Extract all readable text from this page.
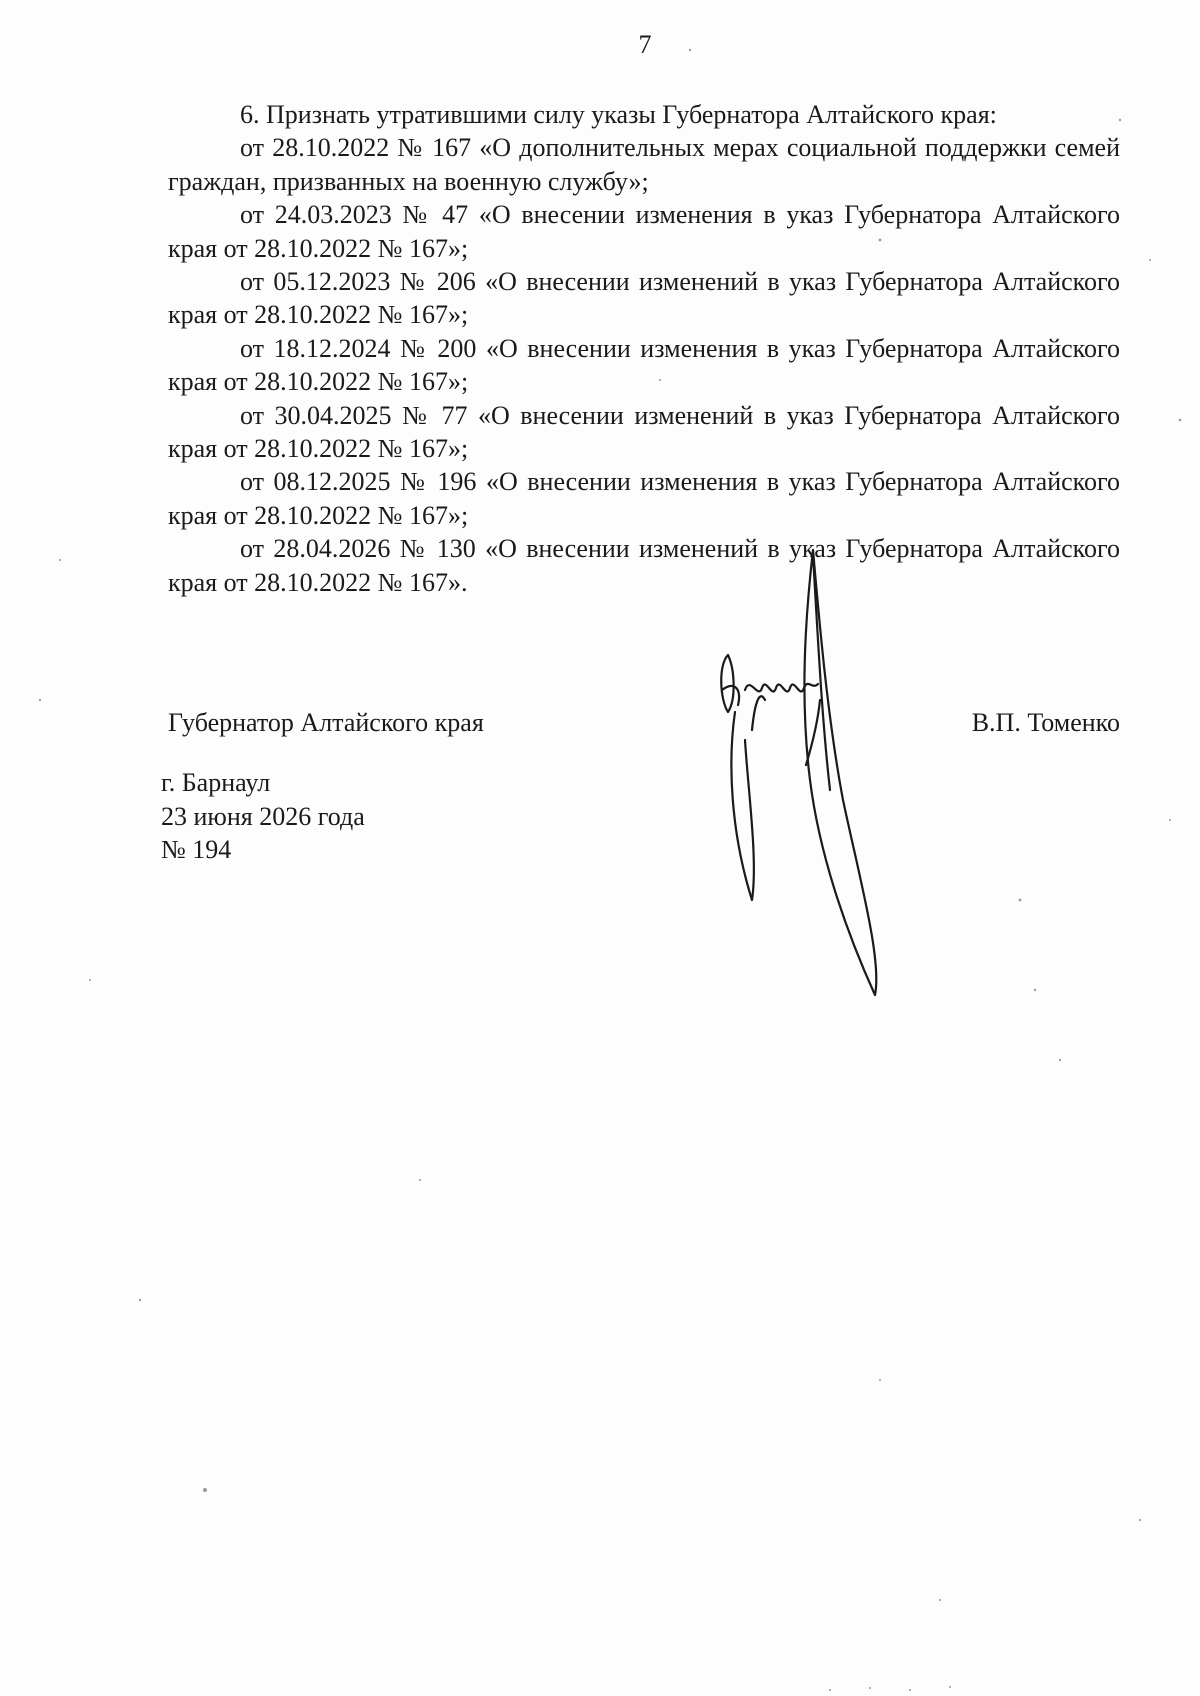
7

6. Признать утратившими силу указы Губернатора Алтайского края:

от 28.10.2022 № 167 «О дополнительных мерах социальной поддержки семей граждан, призванных на военную службу»;

от 24.03.2023 № 47 «О внесении изменения в указ Губернатора Алтайского края от 28.10.2022 № 167»;

от 05.12.2023 № 206 «О внесении изменений в указ Губернатора Алтайского края от 28.10.2022 № 167»;

от 18.12.2024 № 200 «О внесении изменения в указ Губернатора Алтайского края от 28.10.2022 № 167»;

от 30.04.2025 № 77 «О внесении изменений в указ Губернатора Алтайского края от 28.10.2022 № 167»;

от 08.12.2025 № 196 «О внесении изменения в указ Губернатора Алтайского края от 28.10.2022 № 167»;

от 28.04.2026 № 130 «О внесении изменений в указ Губернатора Алтайского края от 28.10.2022 № 167».

Губернатор Алтайского края	В.П. Томенко
г. Барнаул
23 июня 2026 года
№ 194
